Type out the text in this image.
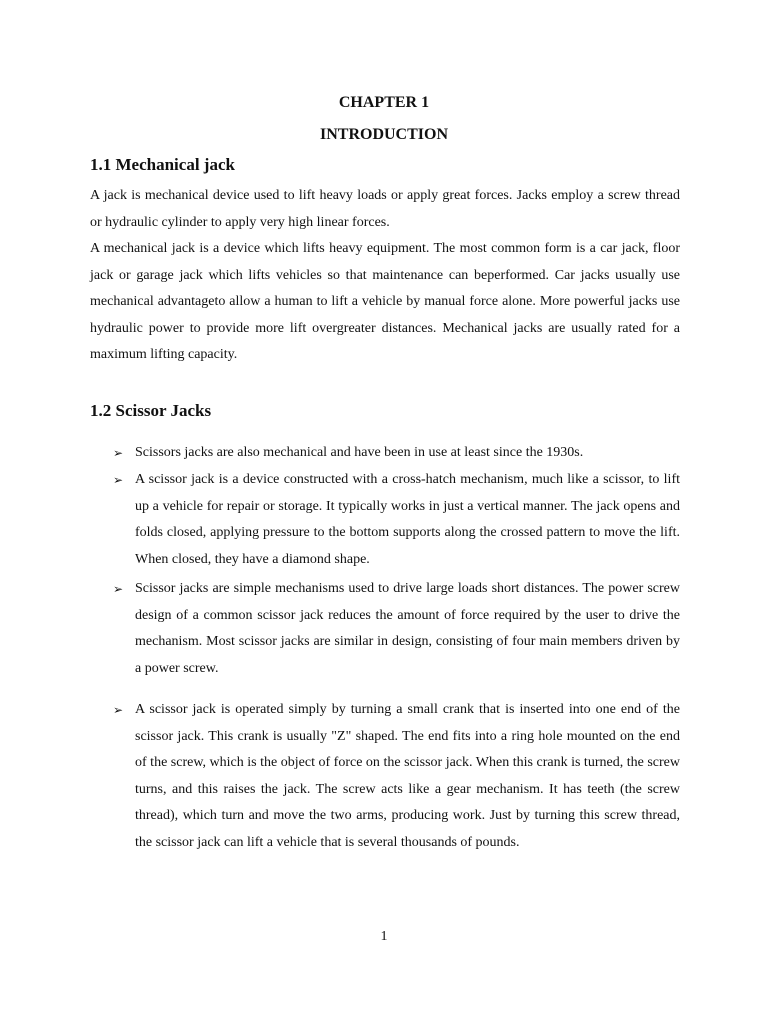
CHAPTER 1
INTRODUCTION
1.1 Mechanical jack

A jack is mechanical device used to lift heavy loads or apply great forces. Jacks employ a screw thread or hydraulic cylinder to apply very high linear forces.

A mechanical jack is a device which lifts heavy equipment. The most common form is a car jack, floor jack or garage jack which lifts vehicles so that maintenance can beperformed. Car jacks usually use mechanical advantageto allow a human to lift a vehicle by manual force alone. More powerful jacks use hydraulic power to provide more lift overgreater distances. Mechanical jacks are usually rated for a maximum lifting capacity.

1.2 Scissor Jacks
➢ Scissors jacks are also mechanical and have been in use at least since the 1930s.
➢ A scissor jack is a device constructed with a cross-hatch mechanism, much like a scissor, to lift up a vehicle for repair or storage. It typically works in just a vertical manner. The jack opens and folds closed, applying pressure to the bottom supports along the crossed pattern to move the lift. When closed, they have a diamond shape.
➢ Scissor jacks are simple mechanisms used to drive large loads short distances. The power screw design of a common scissor jack reduces the amount of force required by the user to drive the mechanism. Most scissor jacks are similar in design, consisting of four main members driven by a power screw.
➢ A scissor jack is operated simply by turning a small crank that is inserted into one end of the scissor jack. This crank is usually "Z" shaped. The end fits into a ring hole mounted on the end of the screw, which is the object of force on the scissor jack. When this crank is turned, the screw turns, and this raises the jack. The screw acts like a gear mechanism. It has teeth (the screw thread), which turn and move the two arms, producing work. Just by turning this screw thread, the scissor jack can lift a vehicle that is several thousands of pounds.
1
